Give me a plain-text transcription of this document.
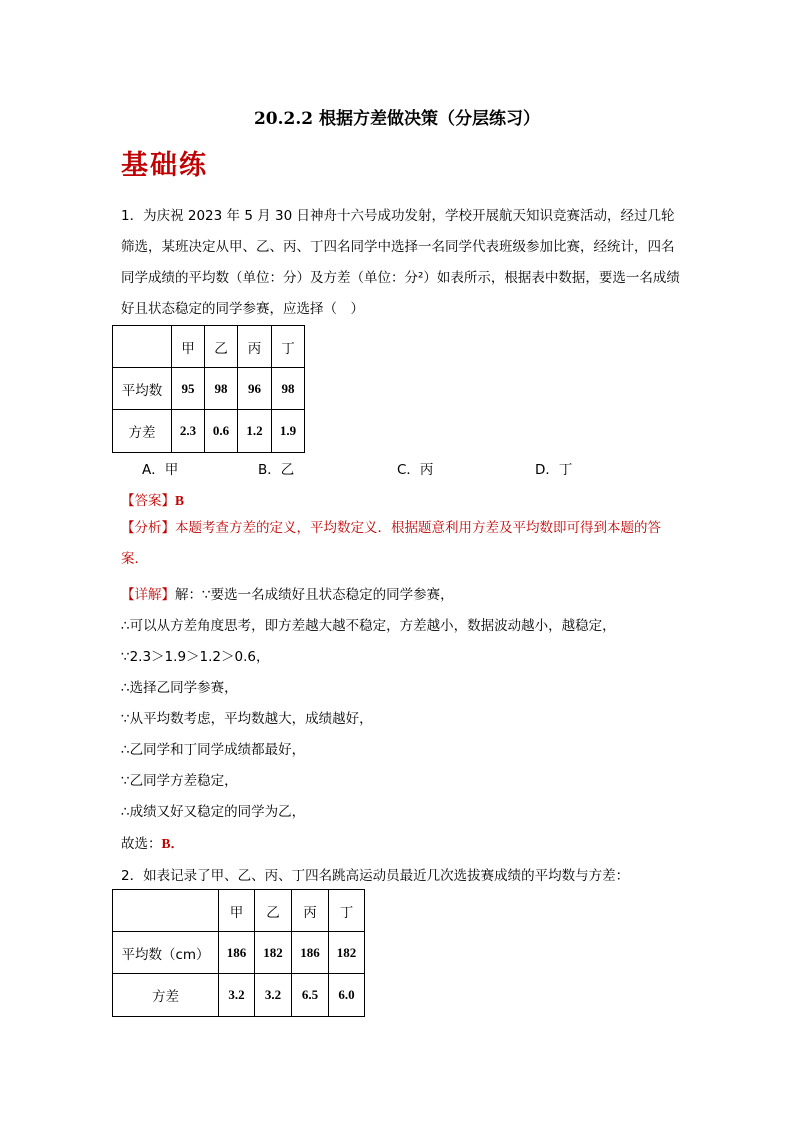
20.2.2 根据方差做决策（分层练习）
基础练
1．为庆祝 2023 年 5 月 30 日神舟十六号成功发射，学校开展航天知识竞赛活动，经过几轮筛选，某班决定从甲、乙、丙、丁四名同学中选择一名同学代表班级参加比赛，经统计，四名同学成绩的平均数（单位：分）及方差（单位：分²）如表所示，根据表中数据，要选一名成绩好且状态稳定的同学参赛，应选择（　）
	甲	乙	丙	丁
平均数	95	98	96	98
方差	2.3	0.6	1.2	1.9
A．甲	B．乙	C．丙	D．丁
【答案】B
【分析】本题考查方差的定义，平均数定义．根据题意利用方差及平均数即可得到本题的答案．
【详解】解：∵要选一名成绩好且状态稳定的同学参赛，
∴可以从方差角度思考，即方差越大越不稳定，方差越小，数据波动越小，越稳定，
∵2.3＞1.9＞1.2＞0.6，
∴选择乙同学参赛，
∵从平均数考虑，平均数越大，成绩越好，
∴乙同学和丁同学成绩都最好，
∵乙同学方差稳定，
∴成绩又好又稳定的同学为乙，
故选：B．
2．如表记录了甲、乙、丙、丁四名跳高运动员最近几次选拔赛成绩的平均数与方差：
	甲	乙	丙	丁
平均数（cm）	186	182	186	182
方差	3.2	3.2	6.5	6.0
